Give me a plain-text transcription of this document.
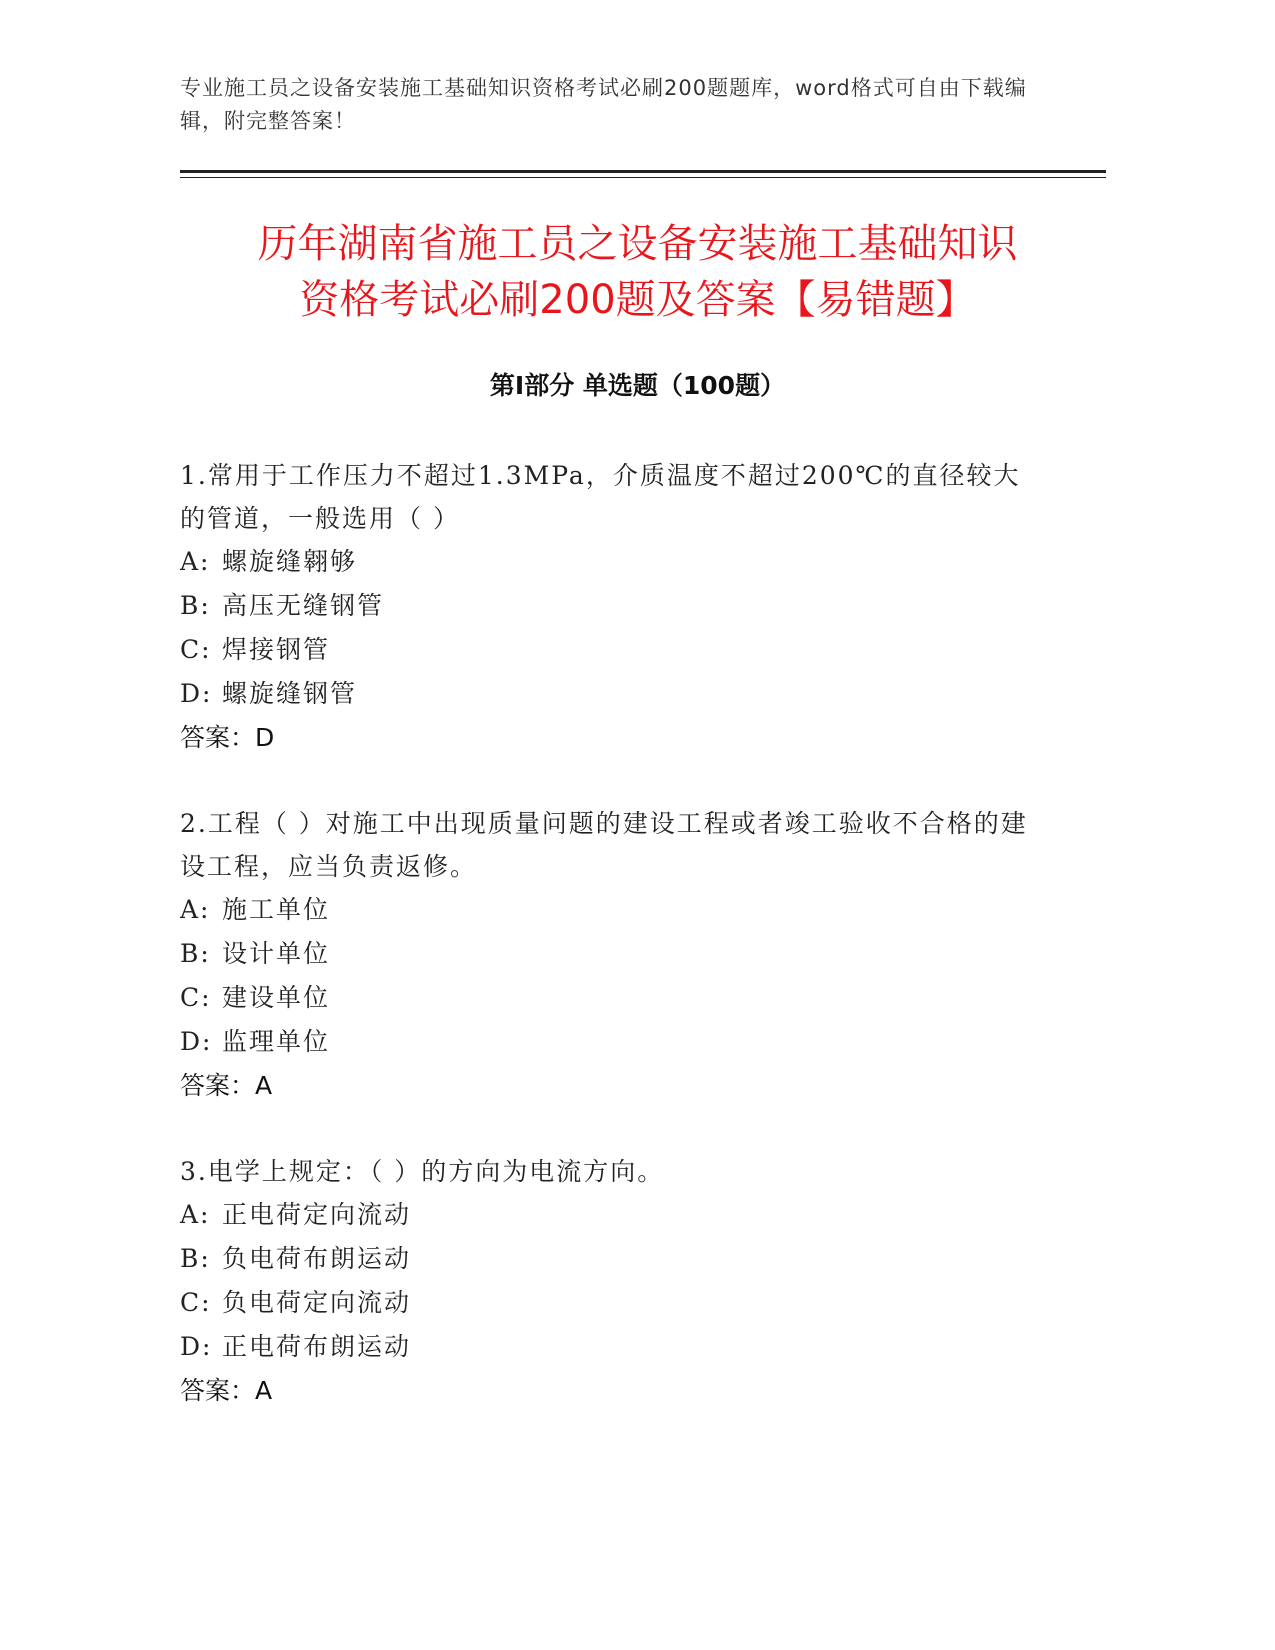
专业施工员之设备安装施工基础知识资格考试必刷200题题库，word格式可自由下载编辑，附完整答案！
历年湖南省施工员之设备安装施工基础知识
资格考试必刷200题及答案【易错题】
第I部分 单选题（100题）

1.常用于工作压力不超过1.3MPa，介质温度不超过200℃的直径较大的管道，一般选用（ ）

A: 螺旋缝翱够

B: 高压无缝钢管

C: 焊接钢管

D: 螺旋缝钢管

答案：D

2.工程（ ）对施工中出现质量问题的建设工程或者竣工验收不合格的建设工程，应当负责返修。

A: 施工单位

B: 设计单位

C: 建设单位

D: 监理单位

答案：A

3.电学上规定：（ ）的方向为电流方向。

A: 正电荷定向流动

B: 负电荷布朗运动

C: 负电荷定向流动

D: 正电荷布朗运动

答案：A
